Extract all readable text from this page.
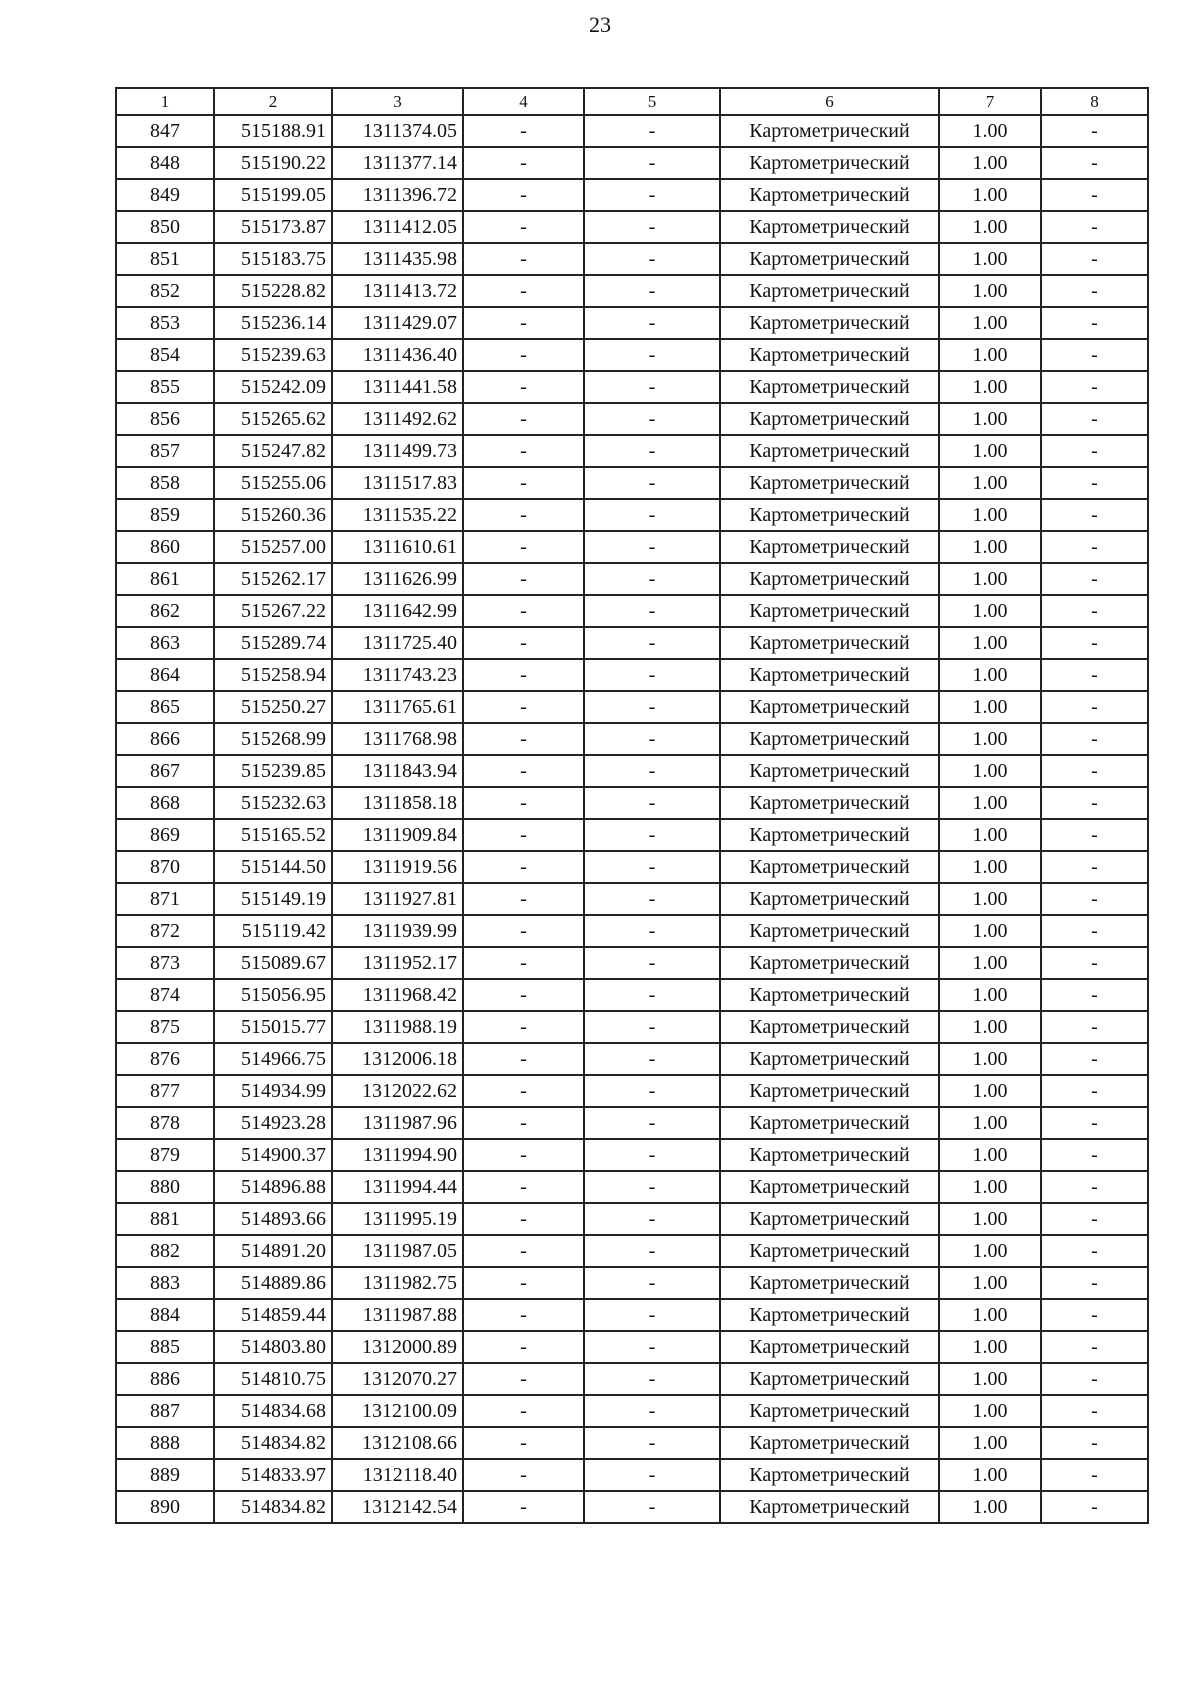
23
1	2	3	4	5	6	7	8
847	515188.91	1311374.05	-	-	Картометрический	1.00	-
848	515190.22	1311377.14	-	-	Картометрический	1.00	-
849	515199.05	1311396.72	-	-	Картометрический	1.00	-
850	515173.87	1311412.05	-	-	Картометрический	1.00	-
851	515183.75	1311435.98	-	-	Картометрический	1.00	-
852	515228.82	1311413.72	-	-	Картометрический	1.00	-
853	515236.14	1311429.07	-	-	Картометрический	1.00	-
854	515239.63	1311436.40	-	-	Картометрический	1.00	-
855	515242.09	1311441.58	-	-	Картометрический	1.00	-
856	515265.62	1311492.62	-	-	Картометрический	1.00	-
857	515247.82	1311499.73	-	-	Картометрический	1.00	-
858	515255.06	1311517.83	-	-	Картометрический	1.00	-
859	515260.36	1311535.22	-	-	Картометрический	1.00	-
860	515257.00	1311610.61	-	-	Картометрический	1.00	-
861	515262.17	1311626.99	-	-	Картометрический	1.00	-
862	515267.22	1311642.99	-	-	Картометрический	1.00	-
863	515289.74	1311725.40	-	-	Картометрический	1.00	-
864	515258.94	1311743.23	-	-	Картометрический	1.00	-
865	515250.27	1311765.61	-	-	Картометрический	1.00	-
866	515268.99	1311768.98	-	-	Картометрический	1.00	-
867	515239.85	1311843.94	-	-	Картометрический	1.00	-
868	515232.63	1311858.18	-	-	Картометрический	1.00	-
869	515165.52	1311909.84	-	-	Картометрический	1.00	-
870	515144.50	1311919.56	-	-	Картометрический	1.00	-
871	515149.19	1311927.81	-	-	Картометрический	1.00	-
872	515119.42	1311939.99	-	-	Картометрический	1.00	-
873	515089.67	1311952.17	-	-	Картометрический	1.00	-
874	515056.95	1311968.42	-	-	Картометрический	1.00	-
875	515015.77	1311988.19	-	-	Картометрический	1.00	-
876	514966.75	1312006.18	-	-	Картометрический	1.00	-
877	514934.99	1312022.62	-	-	Картометрический	1.00	-
878	514923.28	1311987.96	-	-	Картометрический	1.00	-
879	514900.37	1311994.90	-	-	Картометрический	1.00	-
880	514896.88	1311994.44	-	-	Картометрический	1.00	-
881	514893.66	1311995.19	-	-	Картометрический	1.00	-
882	514891.20	1311987.05	-	-	Картометрический	1.00	-
883	514889.86	1311982.75	-	-	Картометрический	1.00	-
884	514859.44	1311987.88	-	-	Картометрический	1.00	-
885	514803.80	1312000.89	-	-	Картометрический	1.00	-
886	514810.75	1312070.27	-	-	Картометрический	1.00	-
887	514834.68	1312100.09	-	-	Картометрический	1.00	-
888	514834.82	1312108.66	-	-	Картометрический	1.00	-
889	514833.97	1312118.40	-	-	Картометрический	1.00	-
890	514834.82	1312142.54	-	-	Картометрический	1.00	-
